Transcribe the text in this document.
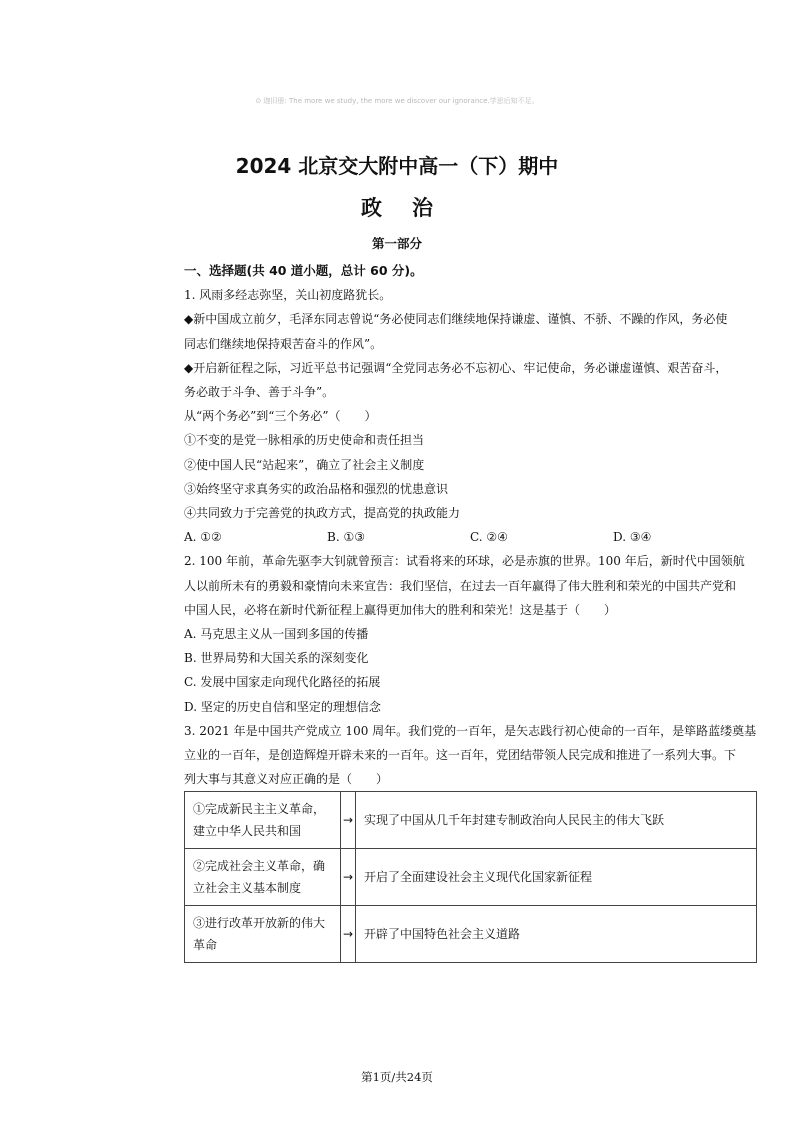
⊙ 迦旧册: The more we study, the more we discover our ignorance.学思后知不足。
2024 北京交大附中高一（下）期中
政治
第一部分
一、选择题(共 40 道小题，总计 60 分)。
1. 风雨多经志弥坚，关山初度路犹长。
◆新中国成立前夕，毛泽东同志曾说“务必使同志们继续地保持谦虚、谨慎、不骄、不躁的作风，务必使
同志们继续地保持艰苦奋斗的作风”。
◆开启新征程之际，习近平总书记强调“全党同志务必不忘初心、牢记使命，务必谦虚谨慎、艰苦奋斗，
务必敢于斗争、善于斗争”。
从“两个务必”到“三个务必”（　　）
①不变的是党一脉相承的历史使命和责任担当
②使中国人民“站起来”，确立了社会主义制度
③始终坚守求真务实的政治品格和强烈的忧患意识
④共同致力于完善党的执政方式，提高党的执政能力
A. ①②	B. ①③	C. ②④	D. ③④
2. 100 年前，革命先驱李大钊就曾预言：试看将来的环球，必是赤旗的世界。100 年后，新时代中国领航
人以前所未有的勇毅和豪情向未来宣告：我们坚信，在过去一百年赢得了伟大胜利和荣光的中国共产党和
中国人民，必将在新时代新征程上赢得更加伟大的胜利和荣光！这是基于（　　）
A. 马克思主义从一国到多国的传播
B. 世界局势和大国关系的深刻变化
C. 发展中国家走向现代化路径的拓展
D. 坚定的历史自信和坚定的理想信念
3. 2021 年是中国共产党成立 100 周年。我们党的一百年，是矢志践行初心使命的一百年，是筚路蓝缕奠基
立业的一百年，是创造辉煌开辟未来的一百年。这一百年，党团结带领人民完成和推进了一系列大事。下
列大事与其意义对应正确的是（　　）
①完成新民主主义革命，建立中华人民共和国	→	实现了中国从几千年封建专制政治向人民民主的伟大飞跃
②完成社会主义革命，确立社会主义基本制度	→	开启了全面建设社会主义现代化国家新征程
③进行改革开放新的伟大革命	→	开辟了中国特色社会主义道路
第1页/共24页
